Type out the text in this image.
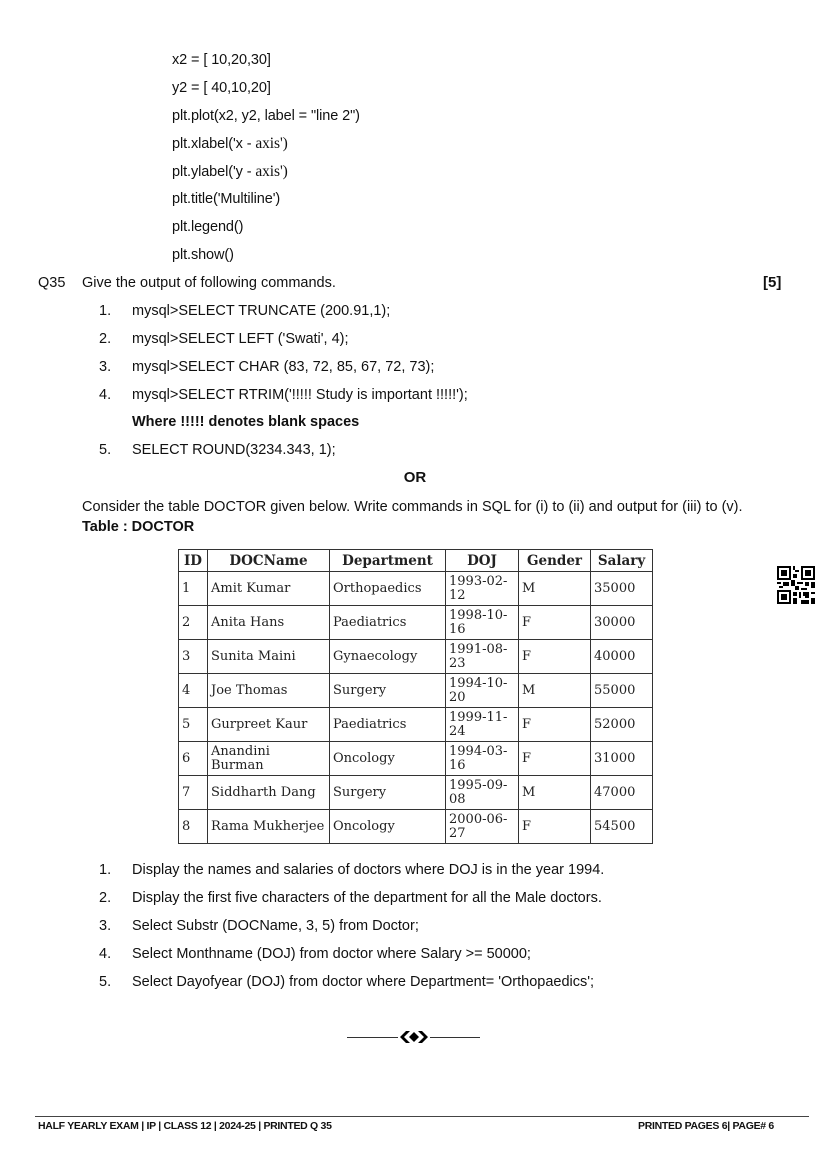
x2 = [ 10,20,30]
y2 = [ 40,10,20]
plt.plot(x2, y2, label = "line 2")
plt.xlabel('x - axis')
plt.ylabel('y - axis')
plt.title('Multiline')
plt.legend()
plt.show()
Q35 Give the output of following commands.	[5]
1. mysql>SELECT TRUNCATE (200.91,1);
2. mysql>SELECT LEFT ('Swati', 4);
3. mysql>SELECT CHAR (83, 72, 85, 67, 72, 73);
4. mysql>SELECT RTRIM('!!!!! Study is important !!!!!');
Where !!!!! denotes blank spaces
5. SELECT ROUND(3234.343, 1);
OR
Consider the table DOCTOR given below. Write commands in SQL for (i) to (ii) and output for (iii) to (v). Table : DOCTOR
ID	DOCName	Department	DOJ	Gender	Salary
1	Amit Kumar	Orthopaedics	1993-02-12	M	35000
2	Anita Hans	Paediatrics	1998-10-16	F	30000
3	Sunita Maini	Gynaecology	1991-08-23	F	40000
4	Joe Thomas	Surgery	1994-10-20	M	55000
5	Gurpreet Kaur	Paediatrics	1999-11-24	F	52000
6	Anandini Burman	Oncology	1994-03-16	F	31000
7	Siddharth Dang	Surgery	1995-09-08	M	47000
8	Rama Mukherjee	Oncology	2000-06-27	F	54500
1. Display the names and salaries of doctors where DOJ is in the year 1994.
2. Display the first five characters of the department for all the Male doctors.
3. Select Substr (DOCName, 3, 5) from Doctor;
4. Select Monthname (DOJ) from doctor where Salary >= 50000;
5. Select Dayofyear (DOJ) from doctor where Department= 'Orthopaedics';
HALF YEARLY EXAM | IP | CLASS 12 | 2024-25 | PRINTED Q 35	PRINTED PAGES 6| PAGE# 6
